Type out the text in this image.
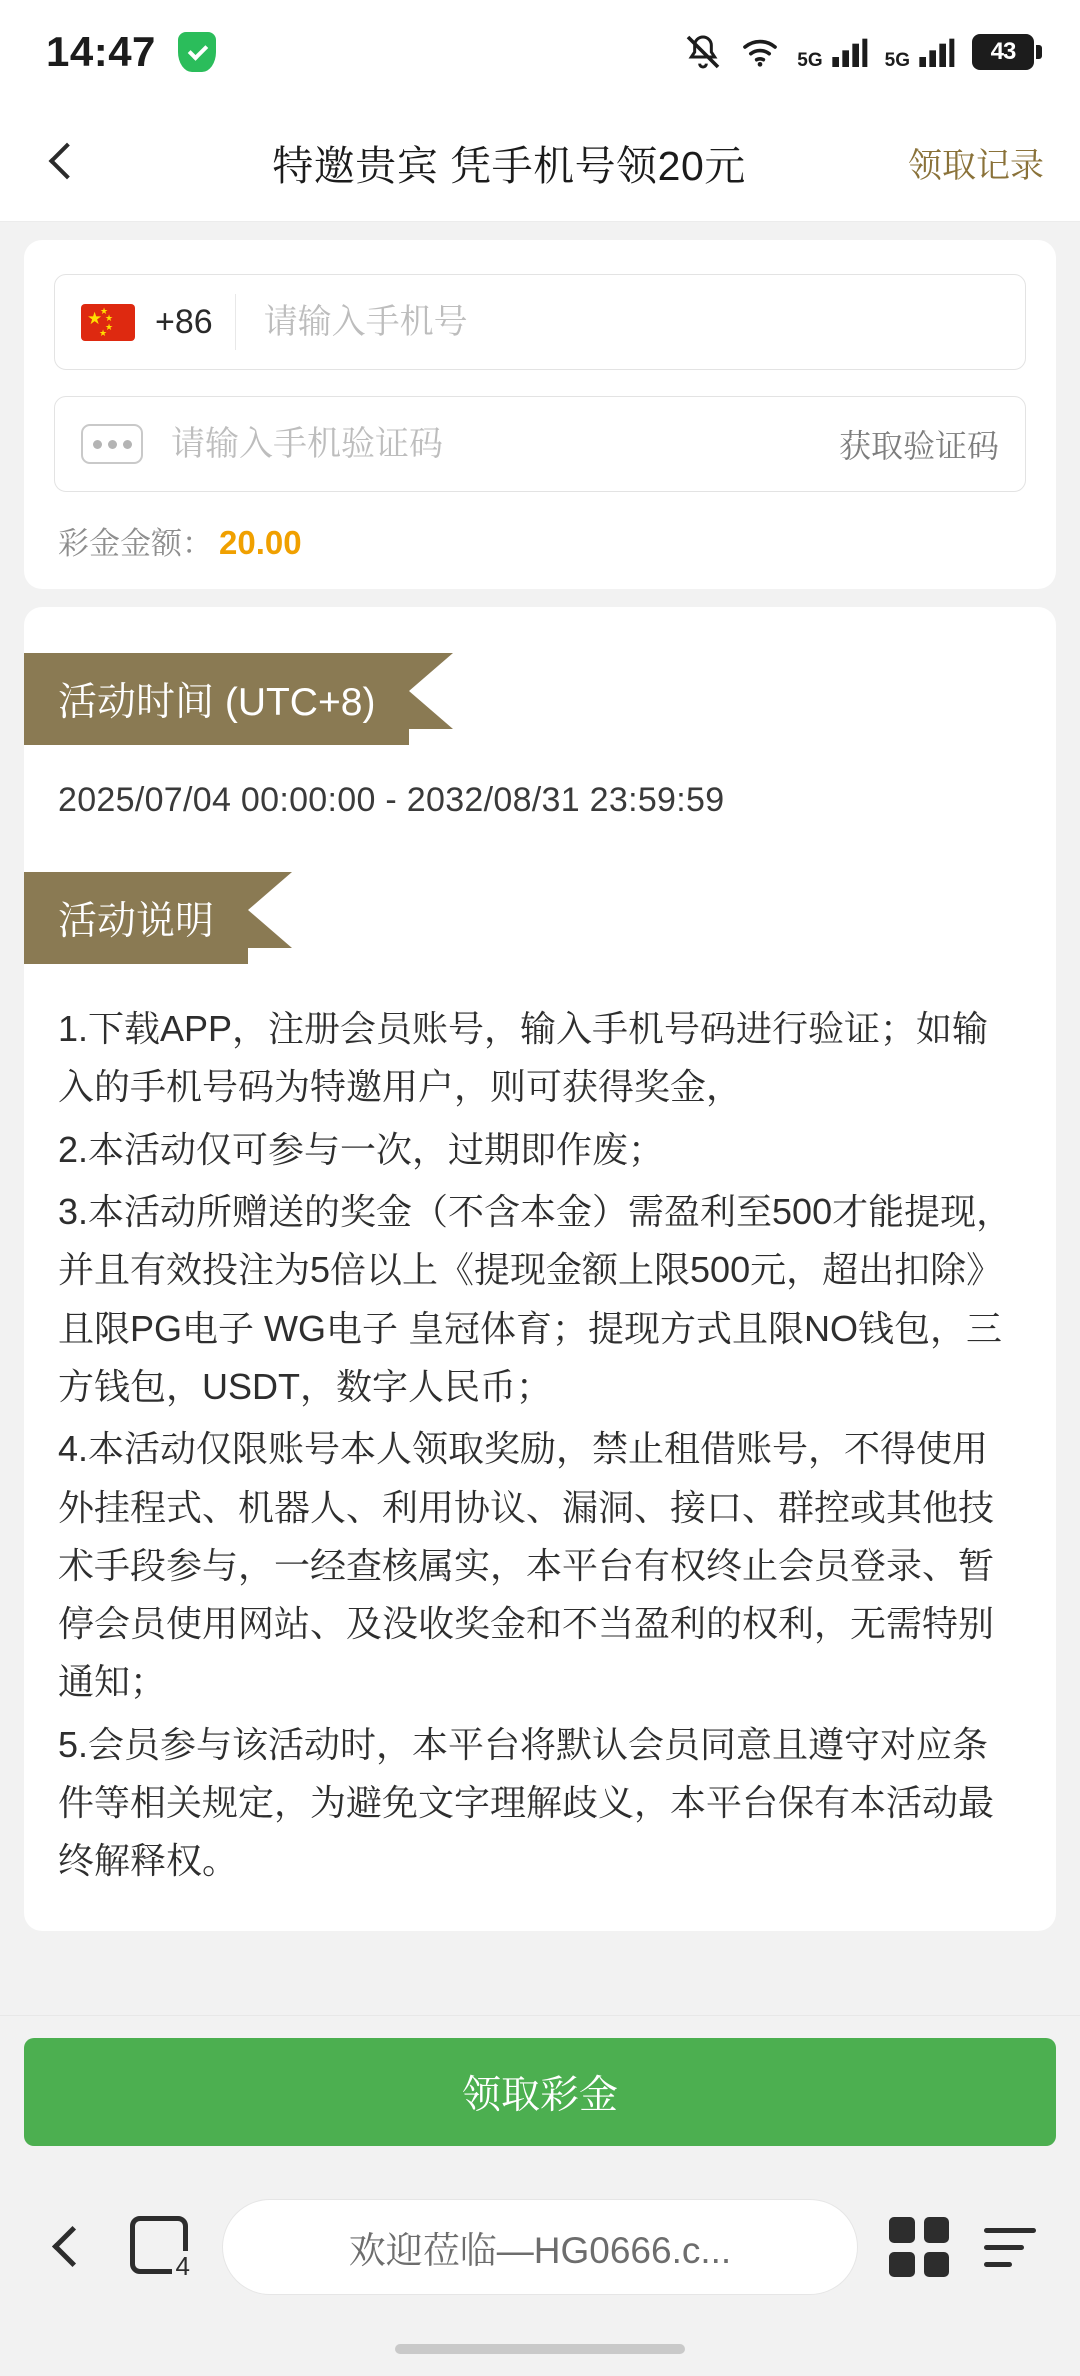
14:47	5G	5G	43
特邀贵宾 凭手机号领20元	领取记录
★
★
★
★
★ +86
请输入手机号
请输入手机验证码
获取验证码
彩金金额： 20.00
活动时间 (UTC+8)
2025/07/04 00:00:00 - 2032/08/31 23:59:59
活动说明

1.下载APP，注册会员账号，输入手机号码进行验证；如输入的手机号码为特邀用户，则可获得奖金，

2.本活动仅可参与一次，过期即作废；

3.本活动所赠送的奖金（不含本金）需盈利至500才能提现，并且有效投注为5倍以上《提现金额上限500元，超出扣除》且限PG电子 WG电子 皇冠体育；提现方式且限NO钱包，三方钱包，USDT，数字人民币；

4.本活动仅限账号本人领取奖励，禁止租借账号，不得使用外挂程式、机器人、利用协议、漏洞、接口、群控或其他技术手段参与，一经查核属实，本平台有权终止会员登录、暂停会员使用网站、及没收奖金和不当盈利的权利，无需特别通知；

5.会员参与该活动时，本平台将默认会员同意且遵守对应条件等相关规定，为避免文字理解歧义，本平台保有本活动最终解释权。

领取彩金
4	欢迎莅临—HG0666.c...
